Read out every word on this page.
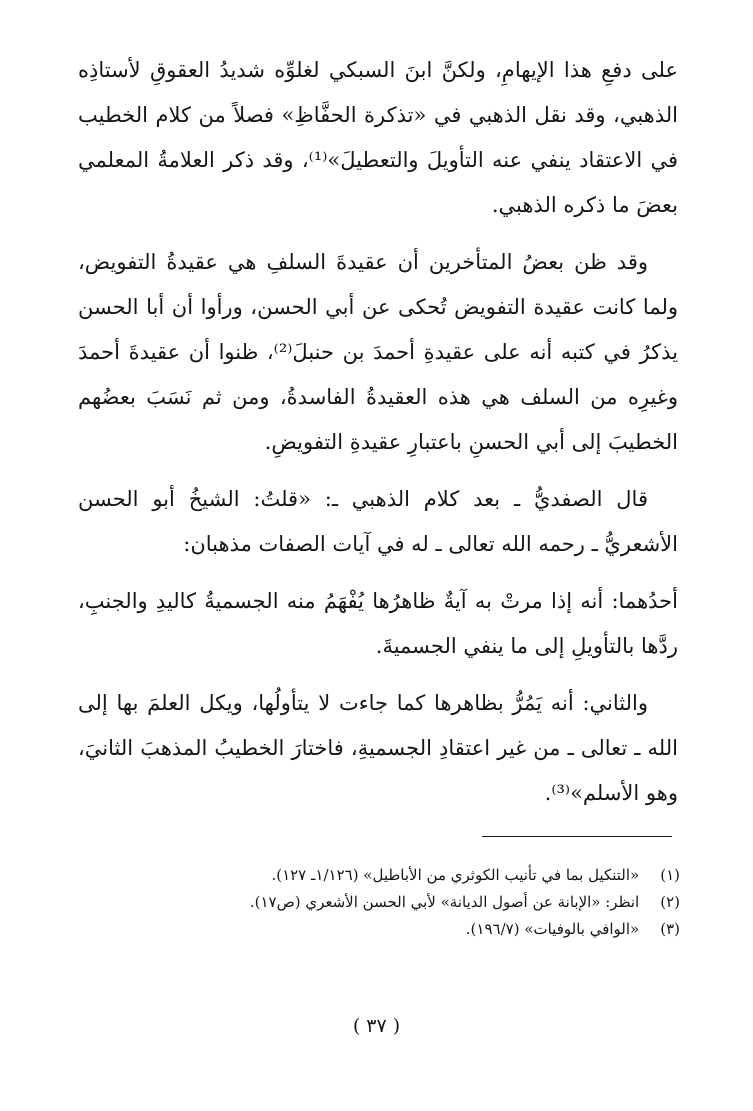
على دفعِ هذا الإيهامِ، ولكنَّ ابنَ السبكي لغلوِّه شديدُ العقوقِ لأستاذِه الذهبي، وقد نقل الذهبي في «تذكرة الحفَّاظِ» فصلاً من كلام الخطيب في الاعتقاد ينفي عنه التأويلَ والتعطيلَ»⁽¹⁾، وقد ذكر العلامةُ المعلمي بعضَ ما ذكره الذهبي.

وقد ظن بعضُ المتأخرين أن عقيدةَ السلفِ هي عقيدةُ التفويض، ولما كانت عقيدة التفويض تُحكى عن أبي الحسن، ورأوا أن أبا الحسن يذكرُ في كتبه أنه على عقيدةِ أحمدَ بن حنبلَ⁽²⁾، ظنوا أن عقيدةَ أحمدَ وغيرِه من السلف هي هذه العقيدةُ الفاسدةُ، ومن ثم نَسَبَ بعضُهم الخطيبَ إلى أبي الحسنِ باعتبارِ عقيدةِ التفويضِ.

قال الصفديُّ ـ بعد كلام الذهبي ـ: «قلتُ: الشيخُ أبو الحسن الأشعريُّ ـ رحمه الله تعالى ـ له في آيات الصفات مذهبان:

أحدُهما: أنه إذا مرتْ به آيةٌ ظاهرُها يُفْهَمُ منه الجسميةُ كاليدِ والجنبِ، ردَّها بالتأويلِ إلى ما ينفي الجسميةَ.

والثاني: أنه يَمُرُّ بظاهرها كما جاءت لا يتأولُها، ويكل العلمَ بها إلى الله ـ تعالى ـ من غير اعتقادِ الجسميةِ، فاختارَ الخطيبُ المذهبَ الثانيَ، وهو الأسلم»⁽³⁾.

(١) «التنكيل بما في تأنيب الكوثري من الأباطيل» (١/١٢٦ـ ١٢٧).

(٢) انظر: «الإبانة عن أصول الديانة» لأبي الحسن الأشعري (ص١٧).

(٣) «الوافي بالوفيات» (١٩٦/٧).

( ٣٧ )
